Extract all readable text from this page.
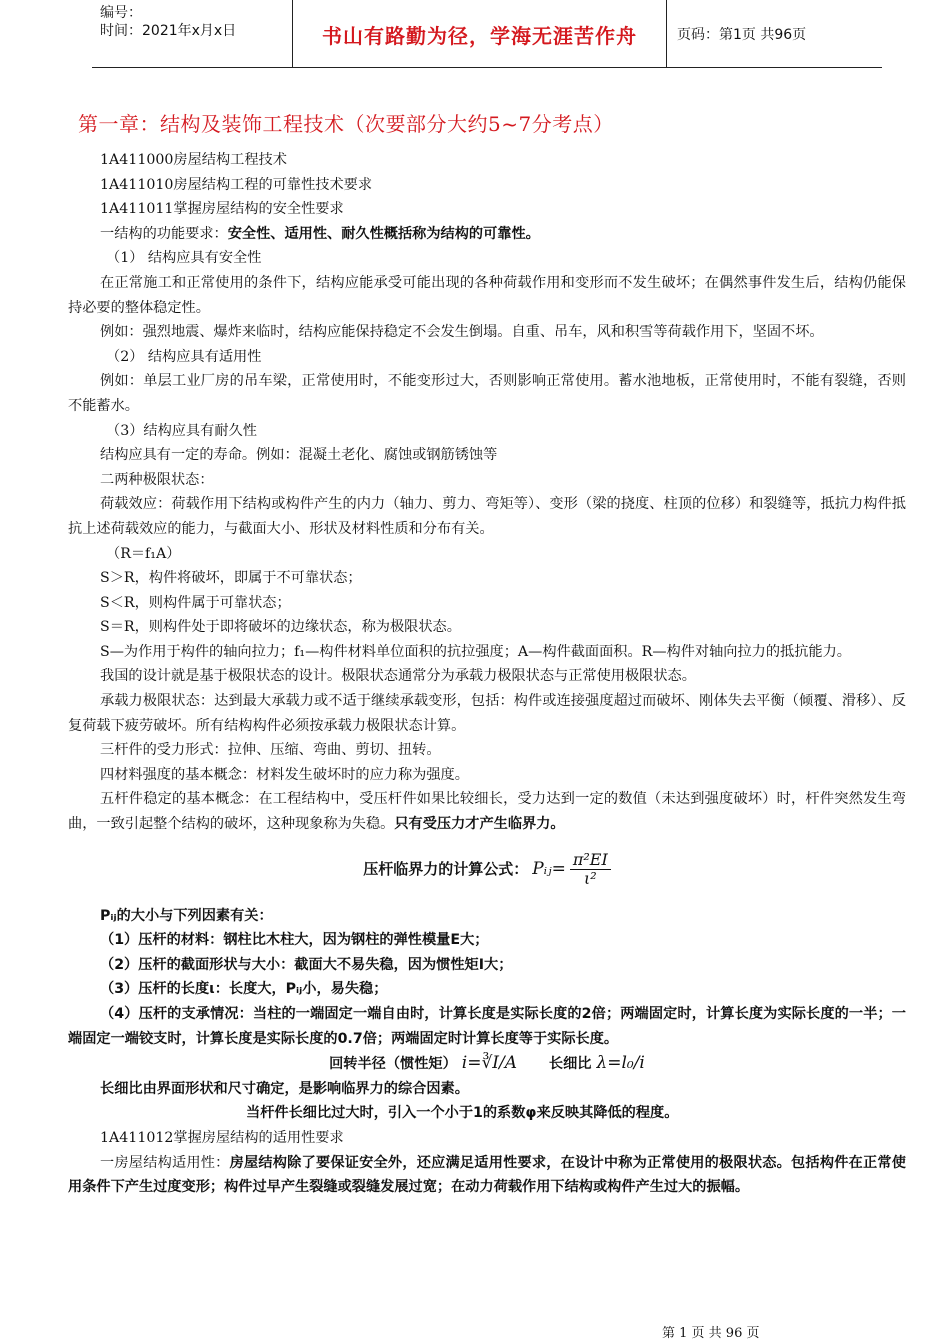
编号：
时间：2021年x月x日	书山有路勤为径，学海无涯苦作舟	页码：第1页 共96页
第一章：结构及装饰工程技术（次要部分大约5~7分考点）

1A411000房屋结构工程技术

1A411010房屋结构工程的可靠性技术要求

1A411011掌握房屋结构的安全性要求

一结构的功能要求：安全性、适用性、耐久性概括称为结构的可靠性。

（1） 结构应具有安全性

在正常施工和正常使用的条件下，结构应能承受可能出现的各种荷载作用和变形而不发生破坏；在偶然事件发生后，结构仍能保持必要的整体稳定性。

例如：强烈地震、爆炸来临时，结构应能保持稳定不会发生倒塌。自重、吊车，风和积雪等荷载作用下，坚固不坏。

（2） 结构应具有适用性

例如：单层工业厂房的吊车梁，正常使用时，不能变形过大，否则影响正常使用。蓄水池地板，正常使用时，不能有裂缝，否则不能蓄水。

（3）结构应具有耐久性

结构应具有一定的寿命。例如：混凝土老化、腐蚀或钢筋锈蚀等

二两种极限状态：

荷载效应：荷载作用下结构或构件产生的内力（轴力、剪力、弯矩等）、变形（梁的挠度、柱顶的位移）和裂缝等，抵抗力构件抵抗上述荷载效应的能力，与截面大小、形状及材料性质和分布有关。

（R＝f₁A）

S＞R，构件将破坏，即属于不可靠状态；

S＜R，则构件属于可靠状态；

S＝R，则构件处于即将破坏的边缘状态，称为极限状态。

S—为作用于构件的轴向拉力；f₁—构件材料单位面积的抗拉强度；A—构件截面面积。R—构件对轴向拉力的抵抗能力。

我国的设计就是基于极限状态的设计。极限状态通常分为承载力极限状态与正常使用极限状态。

承载力极限状态：达到最大承载力或不适于继续承载变形，包括：构件或连接强度超过而破坏、刚体失去平衡（倾覆、滑移）、反复荷载下疲劳破坏。所有结构构件必须按承载力极限状态计算。

三杆件的受力形式：拉伸、压缩、弯曲、剪切、扭转。

四材料强度的基本概念：材料发生破坏时的应力称为强度。

五杆件稳定的基本概念：在工程结构中，受压杆件如果比较细长，受力达到一定的数值（未达到强度破坏）时，杆件突然发生弯曲，一致引起整个结构的破坏，这种现象称为失稳。只有受压力才产生临界力。

压杆临界力的计算公式： Pᵢⱼ= $\frac{\text{π²EI}}{\text{ι²}}$

Pᵢⱼ的大小与下列因素有关：

（1）压杆的材料：钢柱比木柱大，因为钢柱的弹性模量E大；

（2）压杆的截面形状与大小：截面大不易失稳，因为惯性矩I大；

（3）压杆的长度ι：长度大，Pᵢⱼ小，易失稳；

（4）压杆的支承情况：当柱的一端固定一端自由时，计算长度是实际长度的2倍；两端固定时，计算长度为实际长度的一半；一端固定一端铰支时，计算长度是实际长度的0.7倍；两端固定时计算长度等于实际长度。

回转半径（惯性矩） i=∛I/A 长细比 λ=l₀/i

长细比由界面形状和尺寸确定，是影响临界力的综合因素。

当杆件长细比过大时，引入一个小于1的系数φ来反映其降低的程度。

1A411012掌握房屋结构的适用性要求

一房屋结构适用性：房屋结构除了要保证安全外，还应满足适用性要求，在设计中称为正常使用的极限状态。包括构件在正常使用条件下产生过度变形；构件过早产生裂缝或裂缝发展过宽；在动力荷载作用下结构或构件产生过大的振幅。

第 1 页 共 96 页
